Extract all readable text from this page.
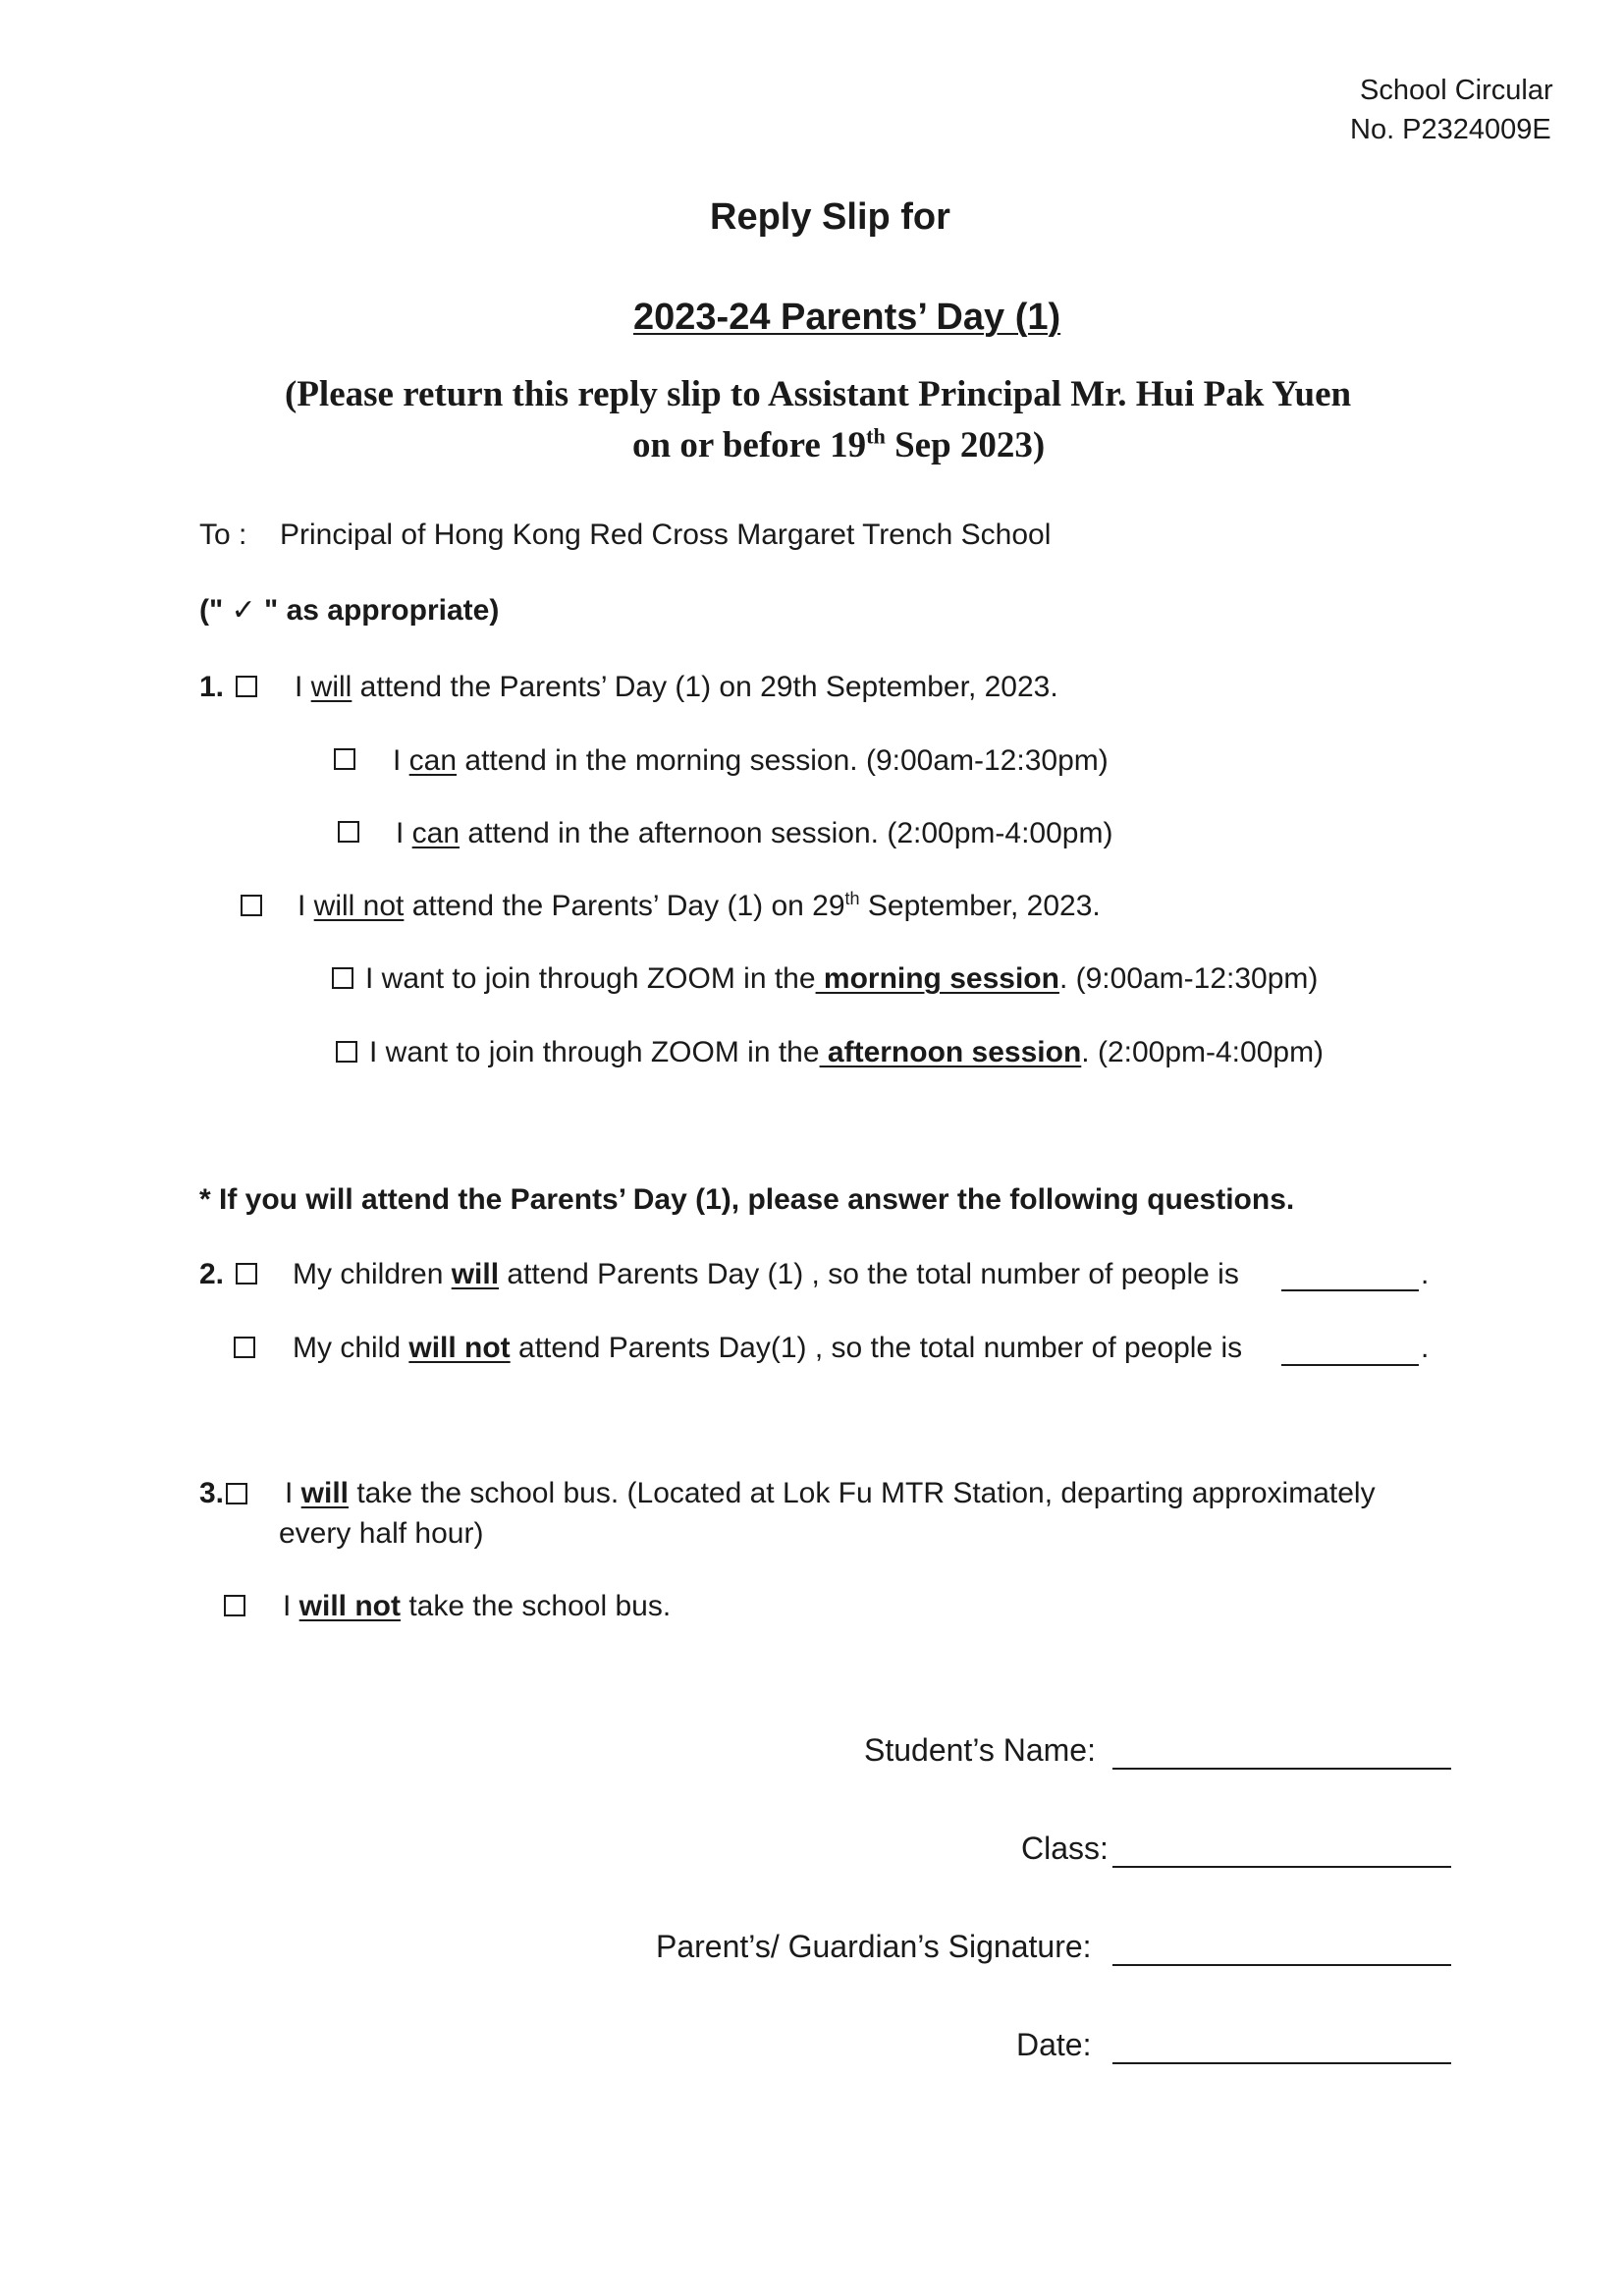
School Circular
No. P2324009E
Reply Slip for
2023-24 Parents’ Day (1)
(Please return this reply slip to Assistant Principal Mr. Hui Pak Yuen
on or before 19th Sep 2023)
To : Principal of Hong Kong Red Cross Margaret Trench School
(" ✓ " as appropriate)
1. I will attend the Parents’ Day (1) on 29th September, 2023.
I can attend in the morning session. (9:00am-12:30pm)
I can attend in the afternoon session. (2:00pm-4:00pm)
I will not attend the Parents’ Day (1) on 29th September, 2023.
I want to join through ZOOM in the morning session. (9:00am-12:30pm)
I want to join through ZOOM in the afternoon session. (2:00pm-4:00pm)
* If you will attend the Parents’ Day (1), please answer the following questions.
2. My children will attend Parents Day (1) , so the total number of people is	.
My child will not attend Parents Day(1) , so the total number of people is	.
3. I will take the school bus. (Located at Lok Fu MTR Station, departing approximately
every half hour)
I will not take the school bus.
Student’s Name:
Class:
Parent’s/ Guardian’s Signature:
Date:
